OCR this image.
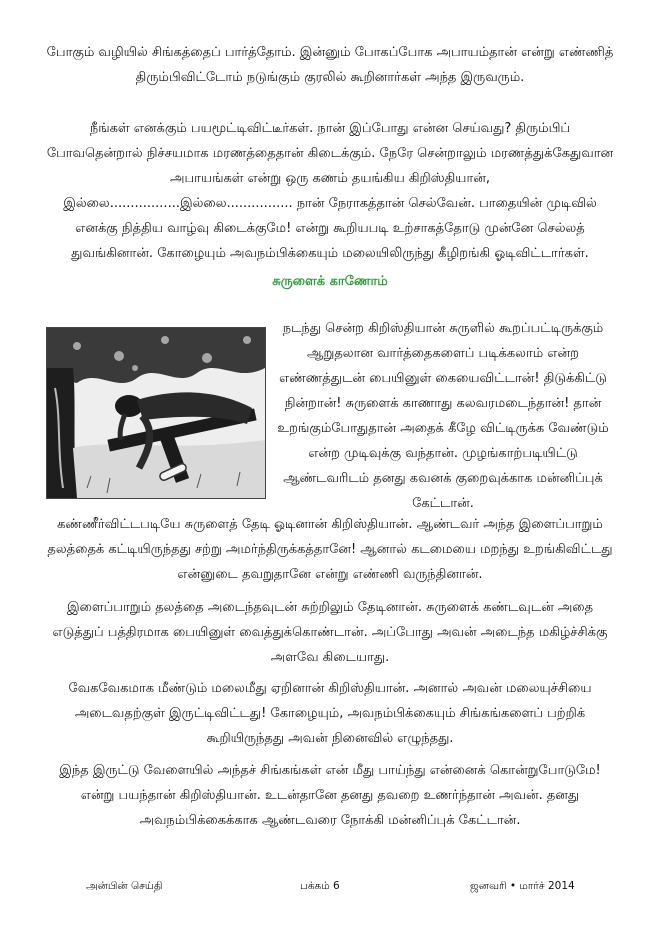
போகும் வழியில் சிங்கத்தைப் பார்த்தோம். இன்னும் போகப்போக அபாயம்தான் என்று எண்ணித் திரும்பிவிட்டோம் நடுங்கும் குரலில் கூறினார்கள் அந்த இருவரும்.

நீங்கள் எனக்கும் பயமூட்டிவிட்டீர்கள். நான் இப்போது என்ன செய்வது? திரும்பிப் போவதென்றால் நிச்சயமாக மரணத்தைதான் கிடைக்கும். நேரே சென்றாலும் மரணத்துக்கேதுவான அபாயங்கள் என்று ஒரு கணம் தயங்கிய கிறிஸ்தியான்,

இல்லை.................இல்லை................ நான் நேராகத்தான் செல்வேன். பாதையின் முடிவில் எனக்கு நித்திய வாழ்வு கிடைக்குமே! என்று கூறியபடி உற்சாகத்தோடு முன்னே செல்லத் துவங்கினான். கோழையும் அவநம்பிக்கையும் மலையிலிருந்து கீழிறங்கி ஓடிவிட்டார்கள்.

சுருளைக் காணோம்

நடந்து சென்ற கிறிஸ்தியான் சுருளில் கூறப்பட்டிருக்கும் ஆறுதலான வார்த்தைகளைப் படிக்கலாம் என்ற எண்ணத்துடன் பையினுள் கையைவிட்டான்! திடுக்கிட்டு நின்றான்! சுருளைக் காணாது கலவரமடைந்தான்! தான் உறங்கும்போதுதான் அதைக் கீழே விட்டிருக்க வேண்டும் என்ற முடிவுக்கு வந்தான். முழங்காற்படியிட்டு ஆண்டவரிடம் தனது கவனக் குறைவுக்காக மன்னிப்புக் கேட்டான்.

கண்ணீர்விட்டபடியே சுருளைத் தேடி ஓடினான் கிறிஸ்தியான். ஆண்டவர் அந்த இளைப்பாறும் தலத்தைக் கட்டியிருந்தது சற்று அமர்ந்திருக்கத்தானே! ஆனால் கடமையை மறந்து உறங்கிவிட்டது என்னுடை தவறுதானே என்று எண்ணி வருந்தினான்.

இளைப்பாறும் தலத்தை அடைந்தவுடன் சுற்றிலும் தேடினான். சுருளைக் கண்டவுடன் அதை எடுத்துப் பத்திரமாக பையினுள் வைத்துக்கொண்டான். அப்போது அவன் அடைந்த மகிழ்ச்சிக்கு அளவே கிடையாது.

வேகவேகமாக மீண்டும் மலைமீது ஏறினான் கிறிஸ்தியான். அனால் அவன் மலையுச்சியை அடைவதற்குள் இருட்டிவிட்டது! கோழையும், அவநம்பிக்கையும் சிங்கங்களைப் பற்றிக் கூறியிருந்தது அவன் நினைவில் எழுந்தது.

இந்த இருட்டு வேளையில் அந்தச் சிங்கங்கள் என் மீது பாய்ந்து என்னைக் கொன்றுபோடுமே! என்று பயந்தான் கிறிஸ்தியான். உடன்தானே தனது தவறை உணர்ந்தான் அவன். தனது அவநம்பிக்கைக்காக ஆண்டவரை நோக்கி மன்னிப்புக் கேட்டான்.

அன்பின் செய்தி	பக்கம் 6	ஜனவரி • மார்ச் 2014
